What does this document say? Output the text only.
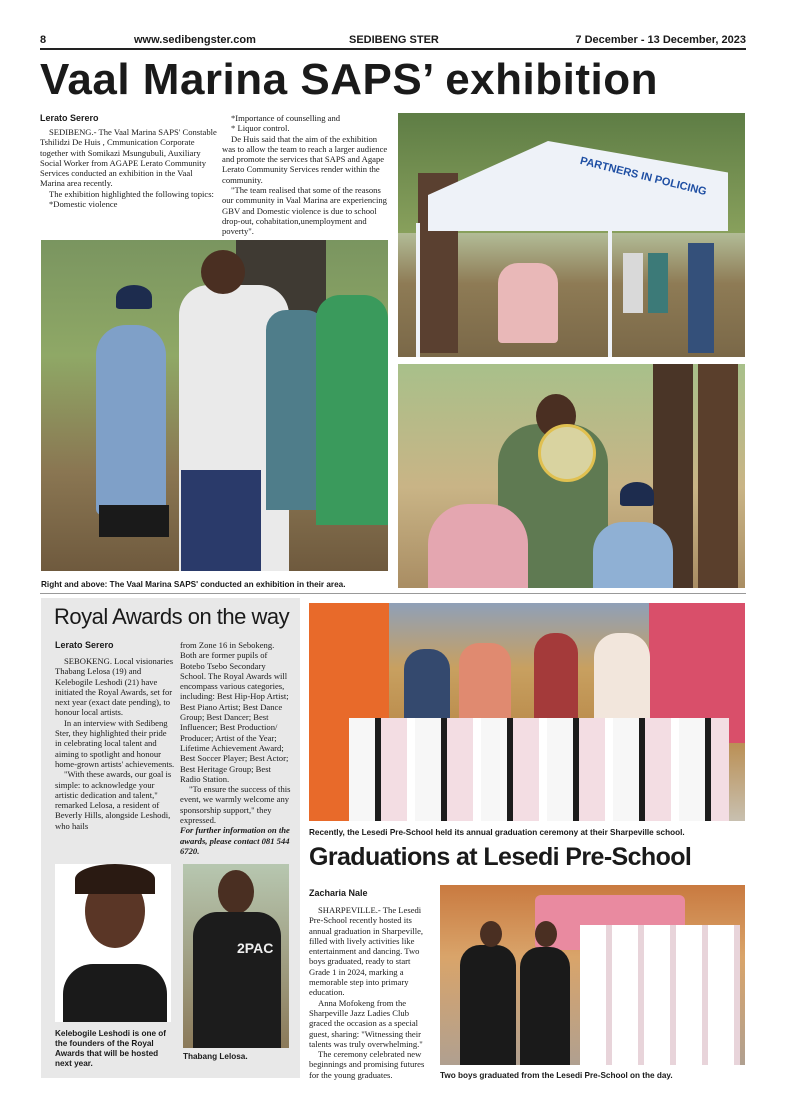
8	www.sedibengster.com	SEDIBENG STER	7 December - 13 December, 2023
Vaal Marina SAPS’ exhibition
Lerato Serero

SEDIBENG.- The Vaal Marina SAPS' Constable Tshilidzi De Huis , Cmmunication Corporate together with Somikazi Msungubuli, Auxiliary Social Worker from AGAPE Lerato Community Services conducted an exhibition in the Vaal Marina area recently.

The exhibition highlighted the following topics:

*Domestic violence

*Importance of counselling and

* Liquor control.

De Huis said that the aim of the exhibition was to allow the team to reach a larger audience and promote the services that SAPS and Agape Lerato Community Services render within the community.

"The team realised that some of the reasons our community in Vaal Marina are experiencing GBV and Domestic violence is due to school drop-out, cohabitation,unemployment and poverty".

PARTNERS IN POLICING
Right and above: The Vaal Marina SAPS' conducted an exhibition in their area.
Royal Awards on the way
Lerato Serero

SEBOKENG. Local visionaries Thabang Lelosa (19) and Kelebogile Leshodi (21) have initiated the Royal Awards, set for next year (exact date pending), to honour local artists.

In an interview with Sedibeng Ster, they highlighted their pride in celebrating local talent and aiming to spotlight and honour home-grown artists' achievements.

"With these awards, our goal is simple: to acknowledge your artistic dedication and talent," remarked Lelosa, a resident of Beverly Hills, alongside Leshodi, who hails

from Zone 16 in Sebokeng. Both are former pupils of Botebo Tsebo Secondary School. The Royal Awards will encompass various categories, including: Best Hip-Hop Artist; Best Piano Artist; Best Dance Group; Best Dancer; Best Influencer; Best Production/ Producer; Artist of the Year; Lifetime Achievement Award; Best Soccer Player; Best Actor; Best Heritage Group; Best Radio Station.

"To ensure the success of this event, we warmly welcome any sponsorship support," they expressed.

For further information on the awards, please contact 081 544 6720.

2PAC
Kelebogile Leshodi is one of the founders of the Royal Awards that will be hosted next year.
Thabang Lelosa.
Recently, the Lesedi Pre-School held its annual graduation ceremony at their Sharpeville school.
Graduations at Lesedi Pre-School
Zacharia Nale

SHARPEVILLE.- The Lesedi Pre-School recently hosted its annual graduation in Sharpeville, filled with lively activities like entertainment and dancing. Two boys graduated, ready to start Grade 1 in 2024, marking a memorable step into primary education.

Anna Mofokeng from the Sharpeville Jazz Ladies Club graced the occasion as a special guest, sharing: "Witnessing their talents was truly overwhelming."

The ceremony celebrated new beginnings and promising futures for the young graduates.	Two boys graduated from the Lesedi Pre-School on the day.
